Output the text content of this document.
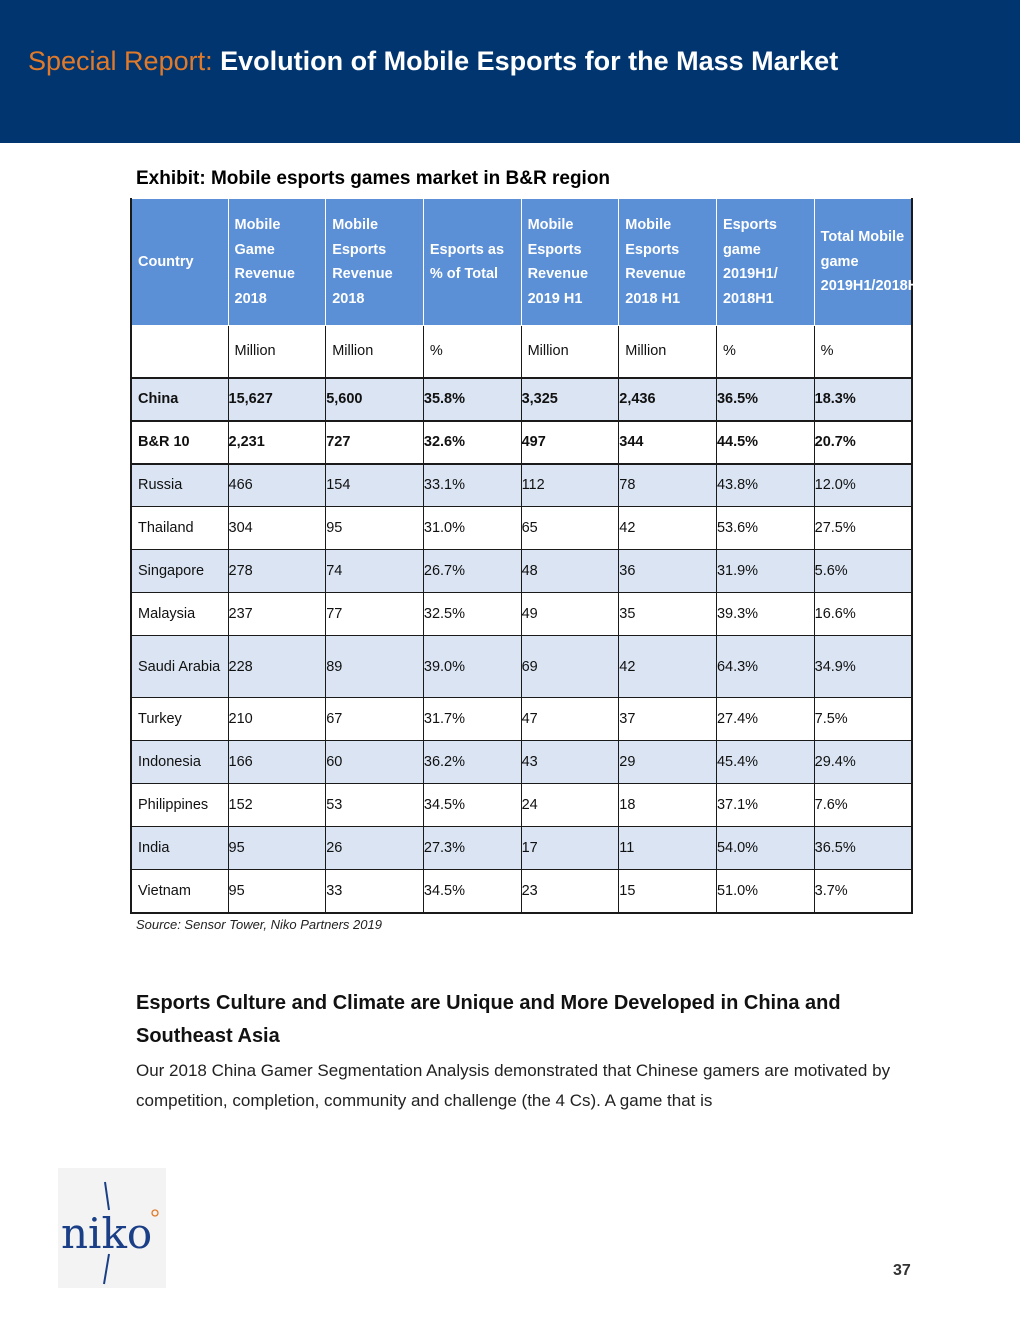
Special Report: Evolution of Mobile Esports for the Mass Market
Exhibit: Mobile esports games market in B&R region
Country	Mobile Game Revenue 2018	Mobile Esports Revenue 2018	Esports as % of Total	Mobile Esports Revenue 2019 H1	Mobile Esports Revenue 2018 H1	Esports game 2019H1/ 2018H1	Total Mobile game 2019H1/2018H1
	Million	Million	%	Million	Million	%	%
China	15,627	5,600	35.8%	3,325	2,436	36.5%	18.3%
B&R 10	2,231	727	32.6%	497	344	44.5%	20.7%
Russia	466	154	33.1%	112	78	43.8%	12.0%
Thailand	304	95	31.0%	65	42	53.6%	27.5%
Singapore	278	74	26.7%	48	36	31.9%	5.6%
Malaysia	237	77	32.5%	49	35	39.3%	16.6%
Saudi Arabia	228	89	39.0%	69	42	64.3%	34.9%
Turkey	210	67	31.7%	47	37	27.4%	7.5%
Indonesia	166	60	36.2%	43	29	45.4%	29.4%
Philippines	152	53	34.5%	24	18	37.1%	7.6%
India	95	26	27.3%	17	11	54.0%	36.5%
Vietnam	95	33	34.5%	23	15	51.0%	3.7%
Source: Sensor Tower, Niko Partners 2019
Esports Culture and Climate are Unique and More Developed in China and Southeast Asia
Our 2018 China Gamer Segmentation Analysis demonstrated that Chinese gamers are motivated by competition, completion, community and challenge (the 4 Cs). A game that is
niko
37
